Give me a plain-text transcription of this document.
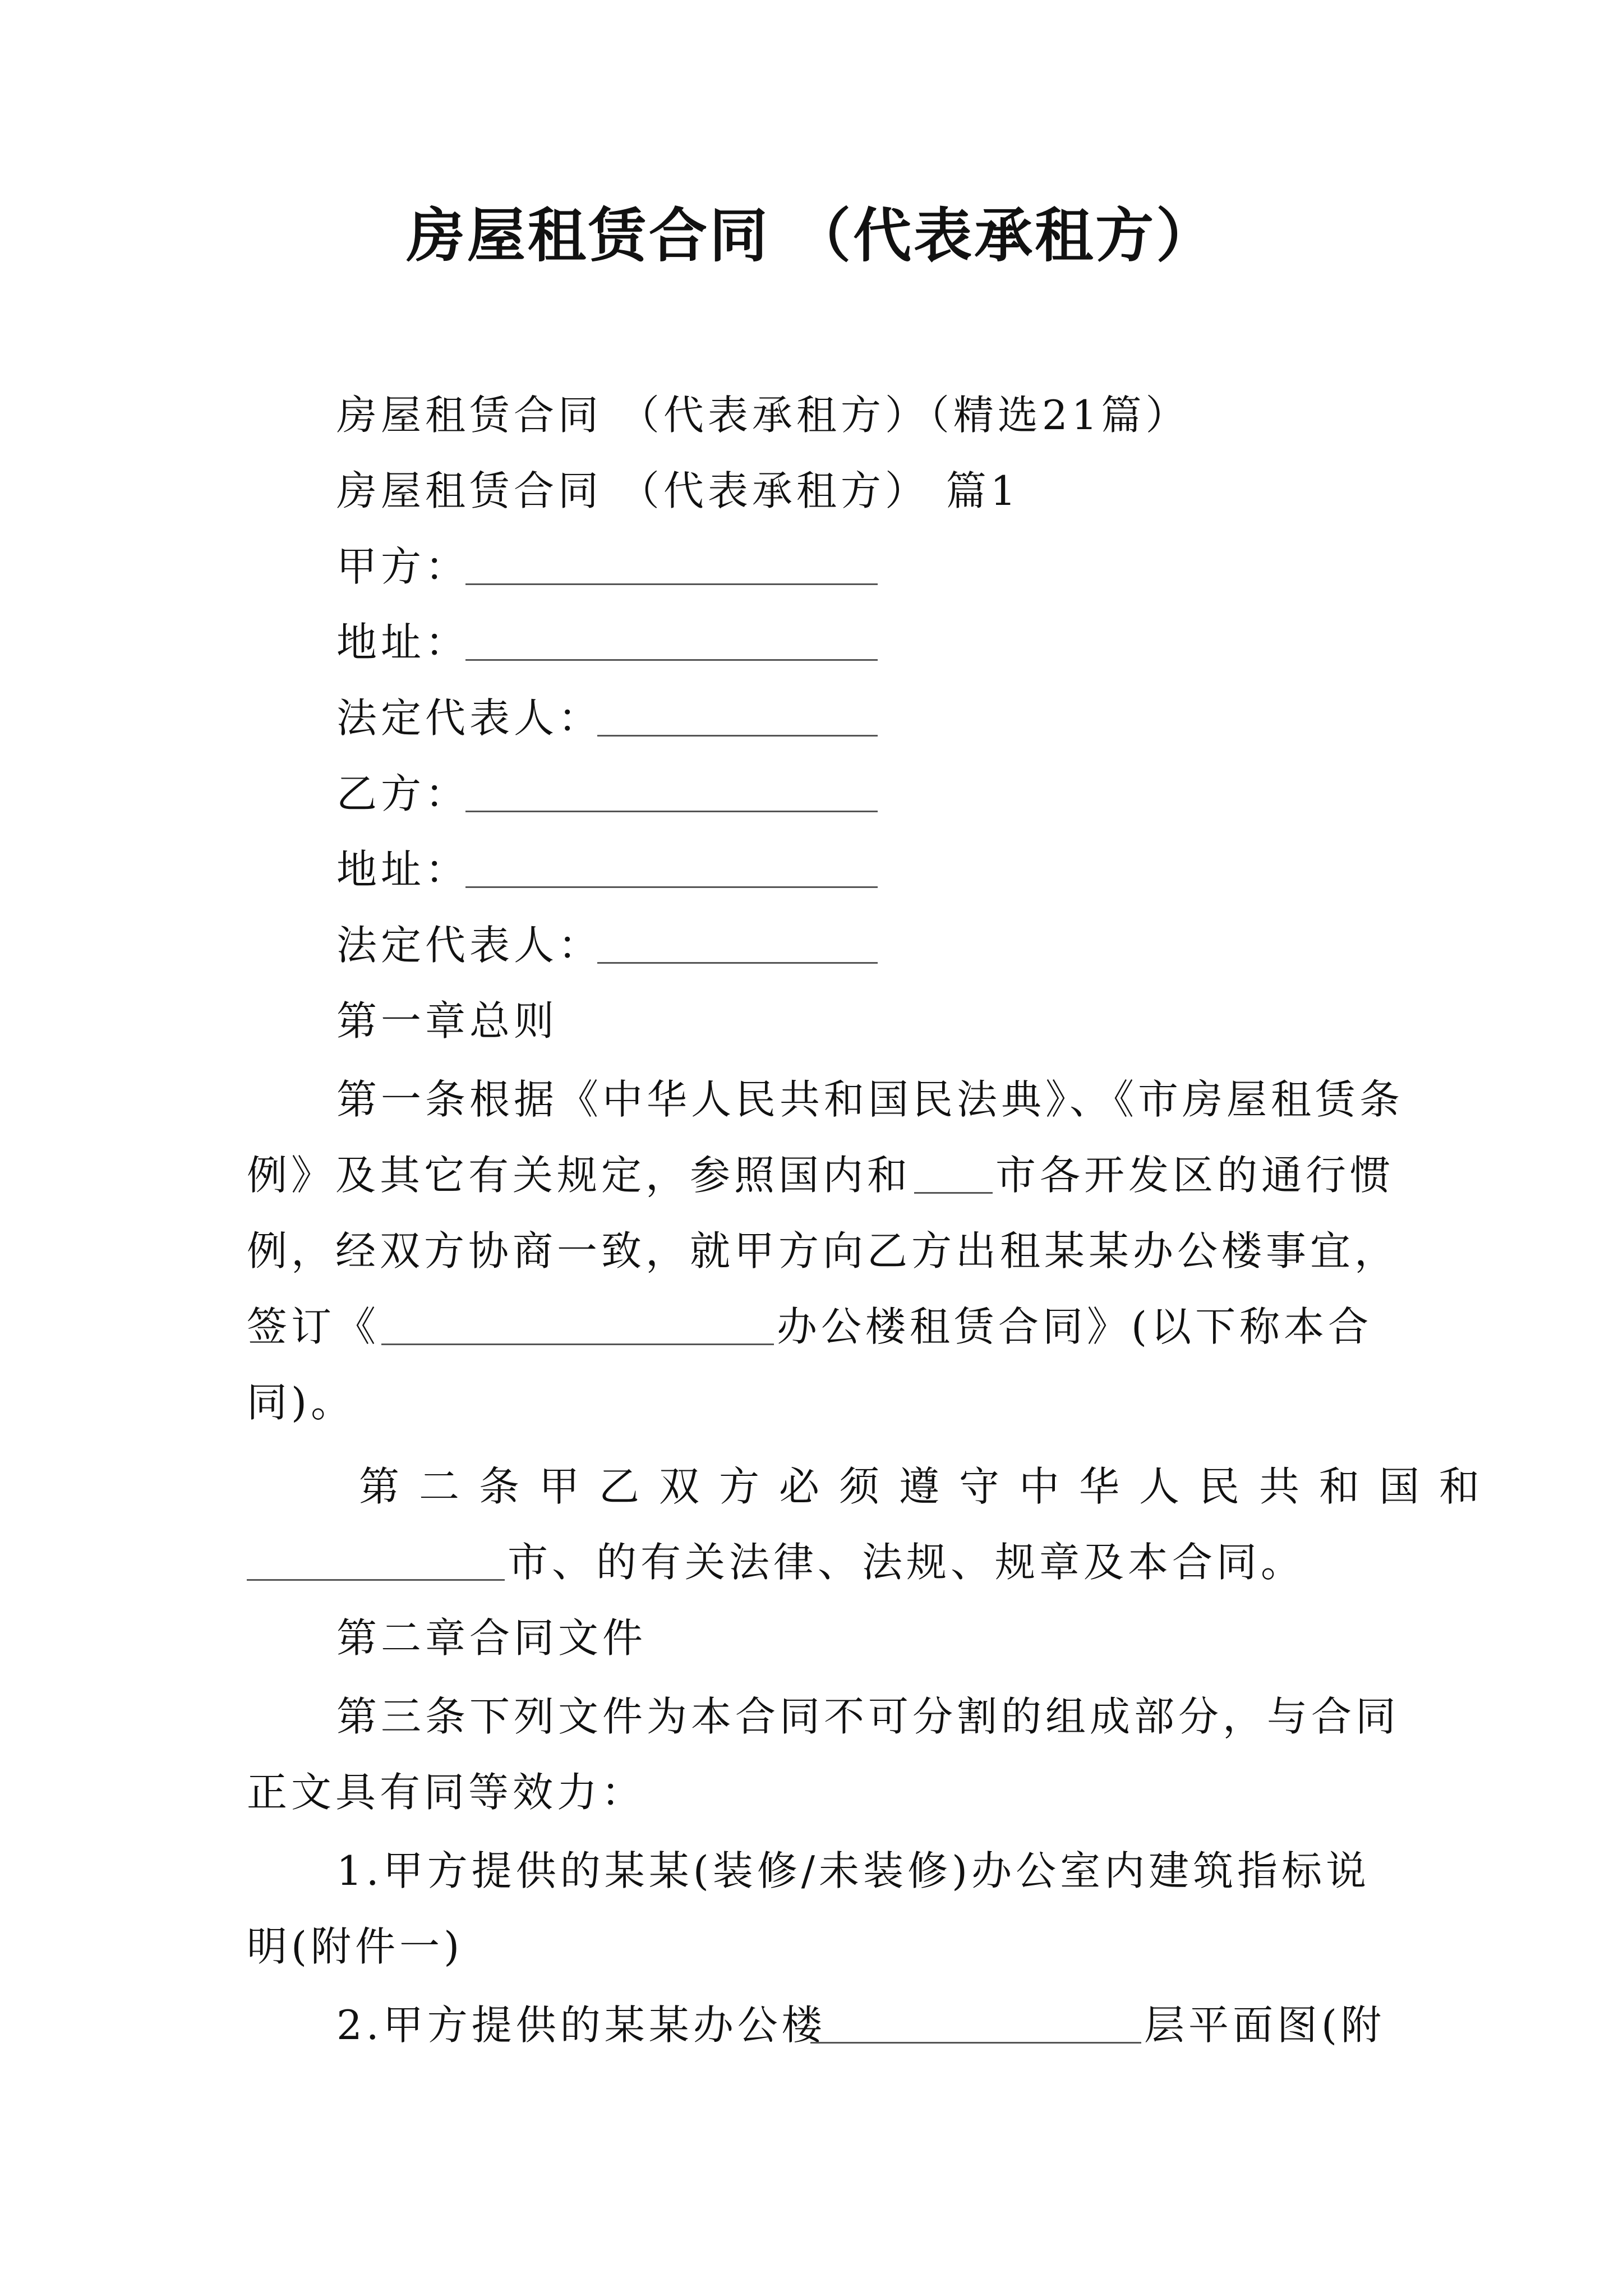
房屋租赁合同 （代表承租方）
房屋租赁合同 （代表承租方）（精选21篇）
房屋租赁合同 （代表承租方） 篇1
甲方：
地址：
法定代表人：
乙方：
地址：
法定代表人：
第一章总则
第一条根据《中华人民共和国民法典》、《市房屋租赁条
例》及其它有关规定，参照国内和 市各开发区的通行惯
例，经双方协商一致，就甲方向乙方出租某某办公楼事宜，
签订《	办公楼租赁合同》(以下称本合
同)。
第二条甲乙双方必须遵守中华人民共和国和
市、的有关法律、法规、规章及本合同。
第二章合同文件
第三条下列文件为本合同不可分割的组成部分，与合同
正文具有同等效力：
1.甲方提供的某某(装修/未装修)办公室内建筑指标说
明(附件一)
2.甲方提供的某某办公楼	层平面图(附
